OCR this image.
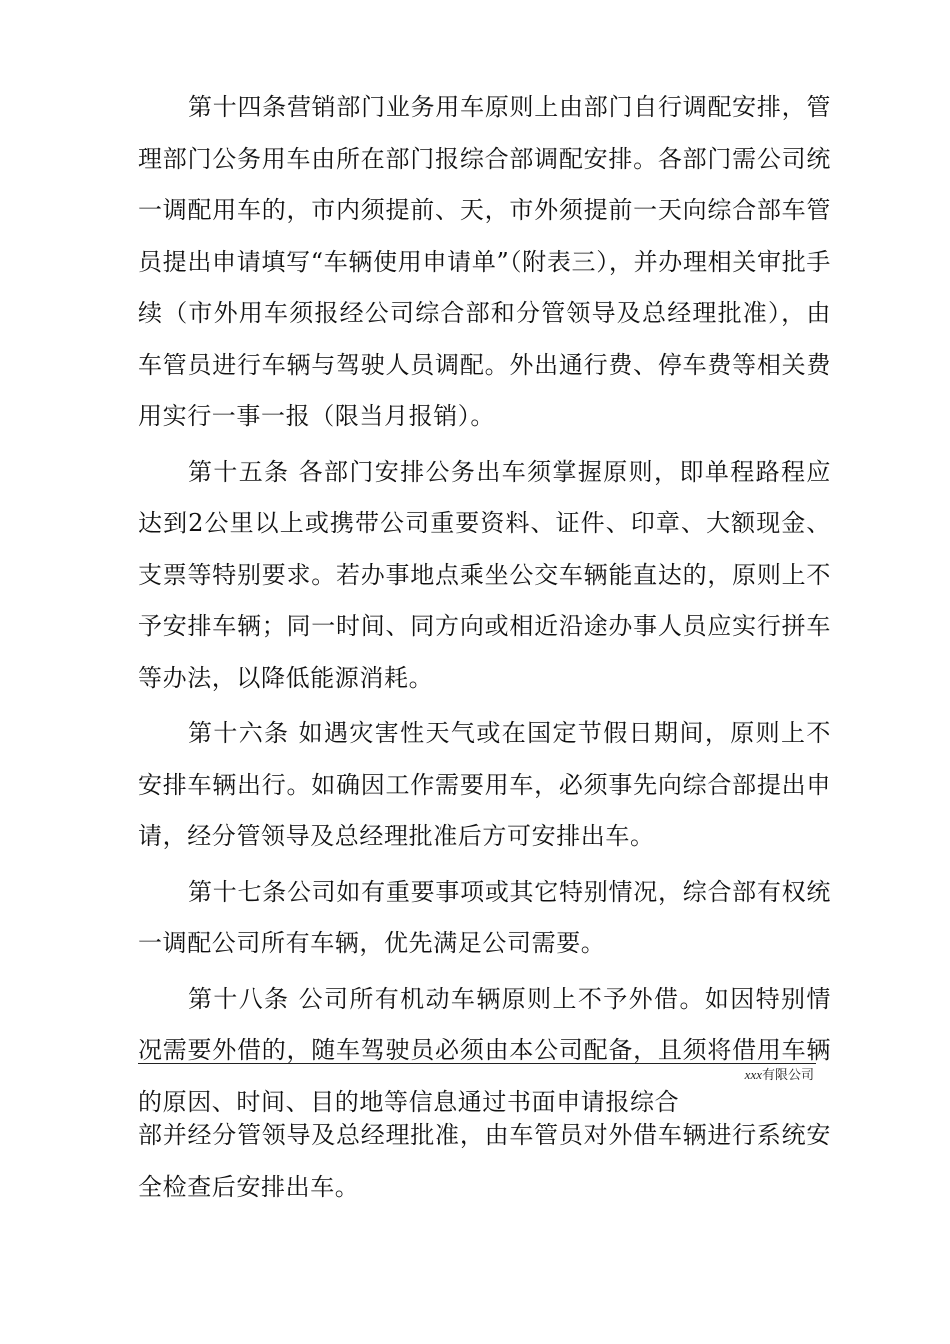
第十四条营销部门业务用车原则上由部门自行调配安排，管理部门公务用车由所在部门报综合部调配安排。各部门需公司统一调配用车的，市内须提前、天，市外须提前一天向综合部车管员提出申请填写“车辆使用申请单”（附表三），并办理相关审批手续（市外用车须报经公司综合部和分管领导及总经理批准），由车管员进行车辆与驾驶人员调配。外出通行费、停车费等相关费用实行一事一报（限当月报销）。

第十五条 各部门安排公务出车须掌握原则，即单程路程应达到2公里以上或携带公司重要资料、证件、印章、大额现金、支票等特别要求。若办事地点乘坐公交车辆能直达的，原则上不予安排车辆；同一时间、同方向或相近沿途办事人员应实行拼车等办法，以降低能源消耗。

第十六条 如遇灾害性天气或在国定节假日期间，原则上不安排车辆出行。如确因工作需要用车，必须事先向综合部提出申请，经分管领导及总经理批准后方可安排出车。

第十七条公司如有重要事项或其它特别情况，综合部有权统一调配公司所有车辆，优先满足公司需要。

第十八条 公司所有机动车辆原则上不予外借。如因特别情况需要外借的，随车驾驶员必须由本公司配备，且须将借用车辆的原因、时间、目的地等信息通过书面申请报综合

xxx有限公司

部并经分管领导及总经理批准，由车管员对外借车辆进行系统安全检查后安排出车。
